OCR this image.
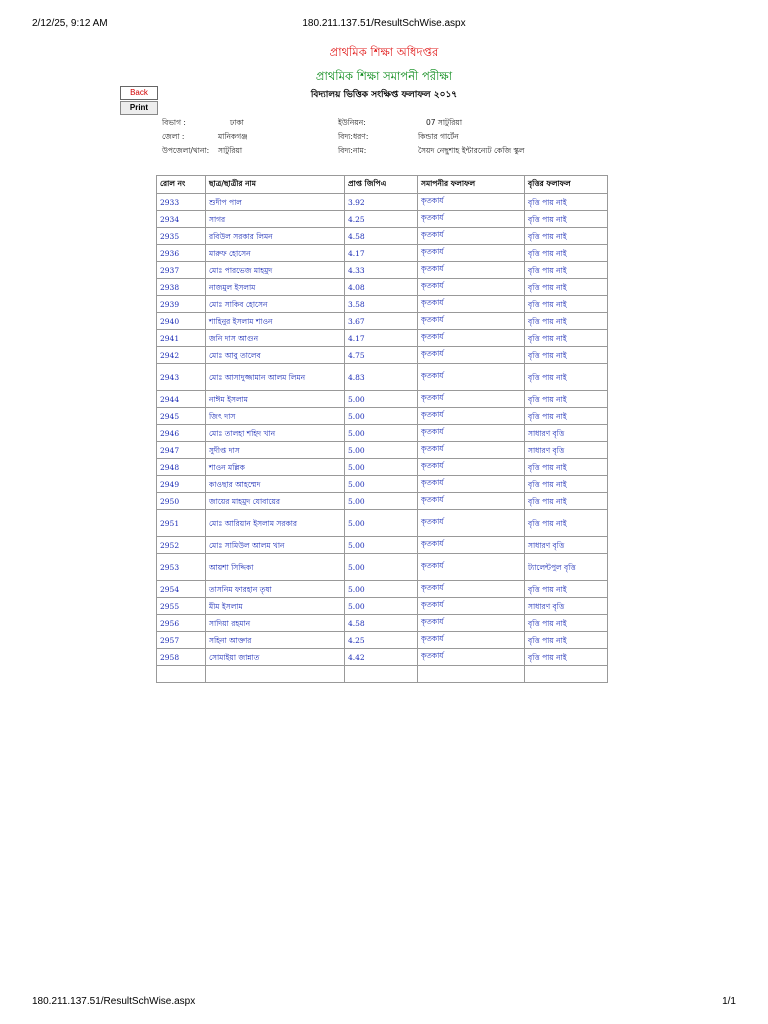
2/12/25, 9:12 AM	180.211.137.51/ResultSchWise.aspx
প্রাথমিক শিক্ষা অধিদপ্তর
প্রাথমিক শিক্ষা সমাপনী পরীক্ষা
বিদ্যালয় ভিত্তিক সংক্ষিপ্ত ফলাফল ২০১৭
Back
Print
বিভাগ :	ঢাকা
জেলা :	মানিকগঞ্জ
উপজেলা/থানা: সাটুরিয়া
ইউনিয়ন:	07 সাটুরিয়া
বিদ্য:ধরণ:	কিন্ডার গার্টেন
বিদ্য:নাম:	সৈয়দ নেছুশাহ ইন্টারন্যেট কেজি স্কুল
রোল নং	ছাত্র/ছাত্রীর নাম	প্রাপ্ত জিপিএ	সমাপনীর ফলাফল	বৃত্তির ফলাফল
2933	শুদীপ পাল	3.92	কৃতকার্য	বৃত্তি পায় নাই
2934	সাগর	4.25	কৃতকার্য	বৃত্তি পায় নাই
2935	রবিউল সরকার লিমন	4.58	কৃতকার্য	বৃত্তি পায় নাই
2936	মারুফ হোসেন	4.17	কৃতকার্য	বৃত্তি পায় নাই
2937	মোঃ পারভেজ মাহমুদ	4.33	কৃতকার্য	বৃত্তি পায় নাই
2938	নাজমুল ইসলাম	4.08	কৃতকার্য	বৃত্তি পায় নাই
2939	মোঃ সাকিব হোসেন	3.58	কৃতকার্য	বৃত্তি পায় নাই
2940	শাহিনুর ইসলাম শাওন	3.67	কৃতকার্য	বৃত্তি পায় নাই
2941	জনি দাস আগুন	4.17	কৃতকার্য	বৃত্তি পায় নাই
2942	মোঃ আবু তালেব	4.75	কৃতকার্য	বৃত্তি পায় নাই
2943	মোঃ আসাদুজ্জামান আলম লিমন	4.83	কৃতকার্য	বৃত্তি পায় নাই
2944	নাঈম ইসলাম	5.00	কৃতকার্য	বৃত্তি পায় নাই
2945	জিৎ দাস	5.00	কৃতকার্য	বৃত্তি পায় নাই
2946	মোঃ তালহা শহিদ খান	5.00	কৃতকার্য	সাধারণ বৃত্তি
2947	সুদীপ্ত দাস	5.00	কৃতকার্য	সাধারণ বৃত্তি
2948	শাওন মল্লিক	5.00	কৃতকার্য	বৃত্তি পায় নাই
2949	কাওছার আহম্মেদ	5.00	কৃতকার্য	বৃত্তি পায় নাই
2950	জায়ের মাহমুদ যোবায়ের	5.00	কৃতকার্য	বৃত্তি পায় নাই
2951	মোঃ আরিয়ান ইসলাম সরকার	5.00	কৃতকার্য	বৃত্তি পায় নাই
2952	মোঃ সামিউল আলম খান	5.00	কৃতকার্য	সাধারণ বৃত্তি
2953	আয়শা সিদ্দিকা	5.00	কৃতকার্য	ট্যালেন্টপুল বৃত্তি
2954	তাসনিম ফারহান তৃষা	5.00	কৃতকার্য	বৃত্তি পায় নাই
2955	মীম ইসলাম	5.00	কৃতকার্য	সাধারণ বৃত্তি
2956	সাদিয়া রহমান	4.58	কৃতকার্য	বৃত্তি পায় নাই
2957	সহিনা আক্তার	4.25	কৃতকার্য	বৃত্তি পায় নাই
2958	সোমাইয়া জান্নাত	4.42	কৃতকার্য	বৃত্তি পায় নাই

180.211.137.51/ResultSchWise.aspx	1/1
